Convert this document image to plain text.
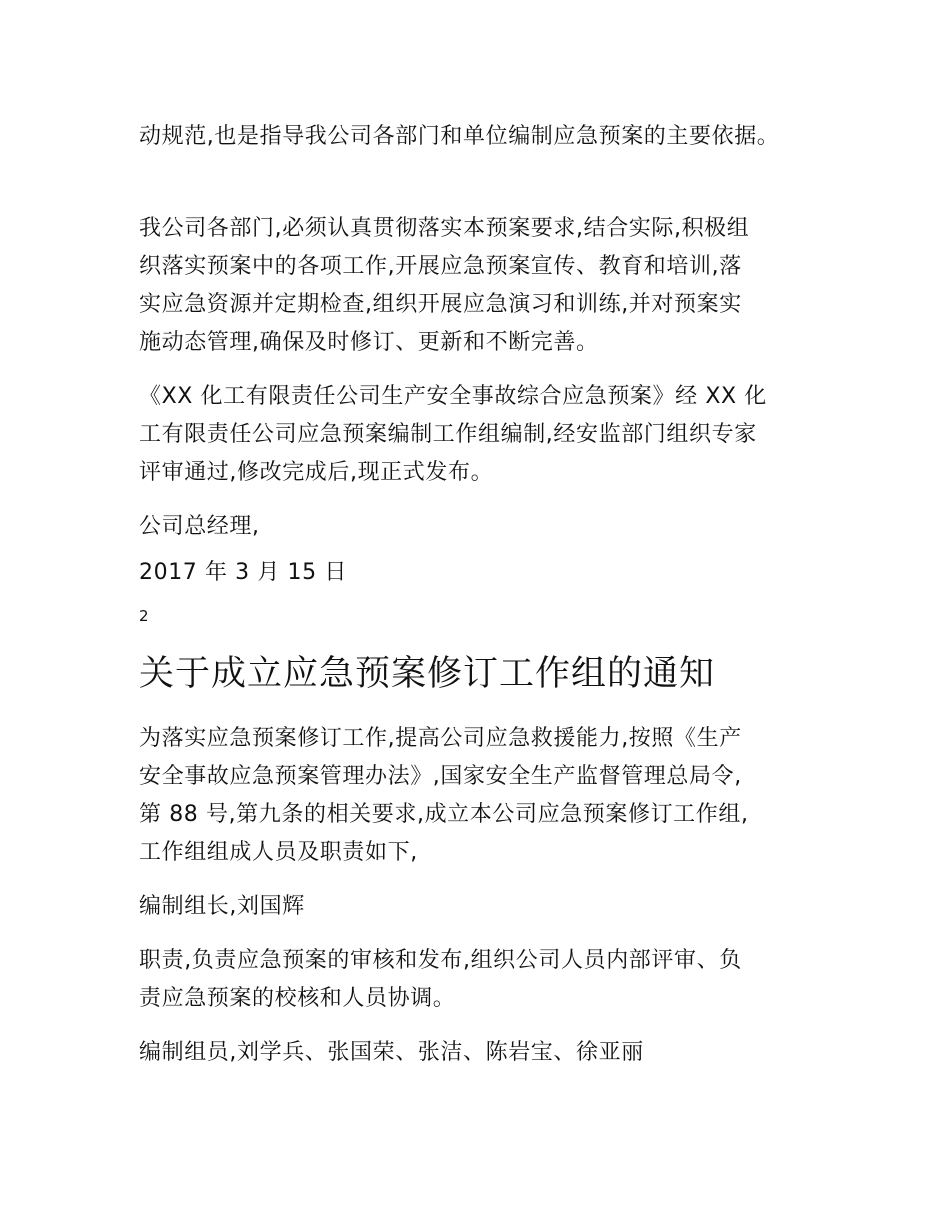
动规范,也是指导我公司各部门和单位编制应急预案的主要依据。

我公司各部门,必须认真贯彻落实本预案要求,结合实际,积极组
织落实预案中的各项工作,开展应急预案宣传、教育和培训,落
实应急资源并定期检查,组织开展应急演习和训练,并对预案实
施动态管理,确保及时修订、更新和不断完善。
《XX 化工有限责任公司生产安全事故综合应急预案》经 XX 化
工有限责任公司应急预案编制工作组编制,经安监部门组织专家
评审通过,修改完成后,现正式发布。

公司总经理,

2017 年 3 月 15 日

2

关于成立应急预案修订工作组的通知
为落实应急预案修订工作,提高公司应急救援能力,按照《生产
安全事故应急预案管理办法》,国家安全生产监督管理总局令,
第 88 号,第九条的相关要求,成立本公司应急预案修订工作组,
工作组组成人员及职责如下,

编制组长,刘国辉

职责,负责应急预案的审核和发布,组织公司人员内部评审、负
责应急预案的校核和人员协调。

编制组员,刘学兵、张国荣、张洁、陈岩宝、徐亚丽
